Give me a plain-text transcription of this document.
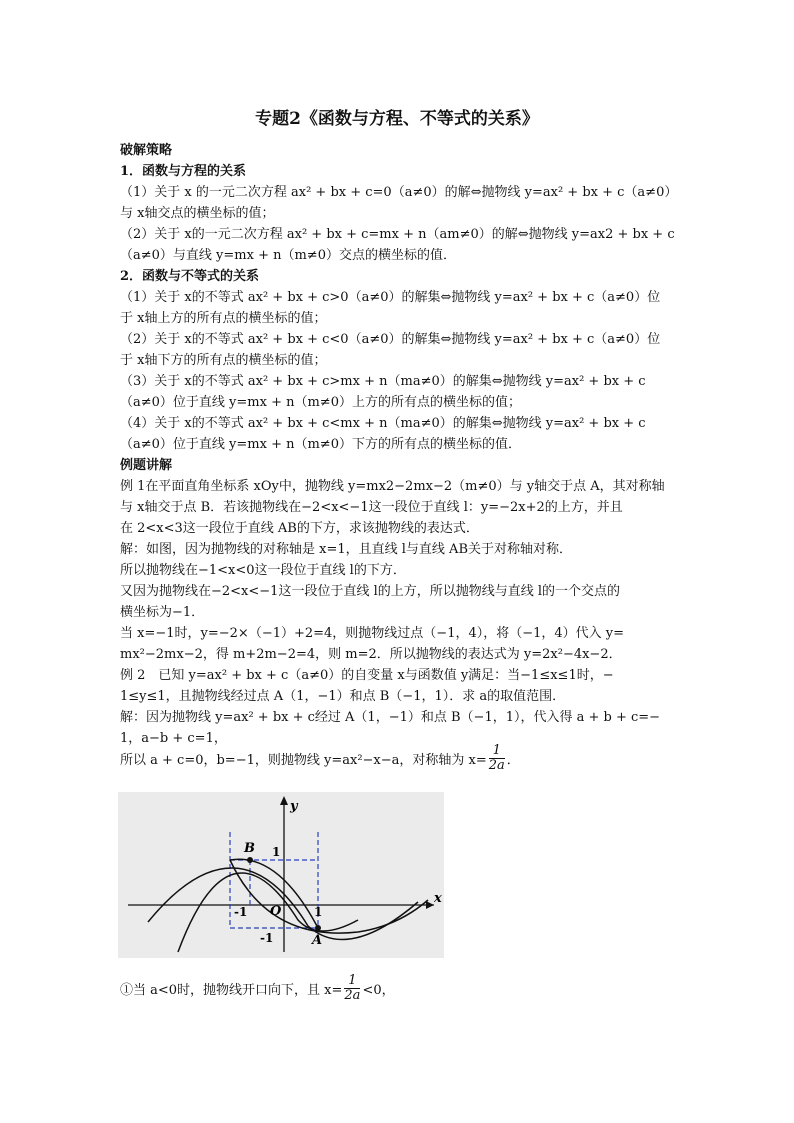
专题2《函数与方程、不等式的关系》
破解策略
1．函数与方程的关系
（1）关于 x 的一元二次方程 ax² + bx + c=0（a≠0）的解⇔抛物线 y=ax² + bx + c（a≠0）
与 x轴交点的横坐标的值；
（2）关于 x的一元二次方程 ax² + bx + c=mx + n（am≠0）的解⇔抛物线 y=ax2 + bx + c
（a≠0）与直线 y=mx + n（m≠0）交点的横坐标的值．
2．函数与不等式的关系
（1）关于 x的不等式 ax² + bx + c>0（a≠0）的解集⇔抛物线 y=ax² + bx + c（a≠0）位
于 x轴上方的所有点的横坐标的值；
（2）关于 x的不等式 ax² + bx + c<0（a≠0）的解集⇔抛物线 y=ax² + bx + c（a≠0）位
于 x轴下方的所有点的横坐标的值；
（3）关于 x的不等式 ax² + bx + c>mx + n（ma≠0）的解集⇔抛物线 y=ax² + bx + c
（a≠0）位于直线 y=mx + n（m≠0）上方的所有点的横坐标的值；
（4）关于 x的不等式 ax² + bx + c<mx + n（ma≠0）的解集⇔抛物线 y=ax² + bx + c
（a≠0）位于直线 y=mx + n（m≠0）下方的所有点的横坐标的值．
例题讲解
例 1在平面直角坐标系 xOy中，抛物线 y=mx2−2mx−2（m≠0）与 y轴交于点 A，其对称轴
与 x轴交于点 B．若该抛物线在−2<x<−1这一段位于直线 l：y=−2x+2的上方，并且
在 2<x<3这一段位于直线 AB的下方，求该抛物线的表达式．
解：如图，因为抛物线的对称轴是 x=1，且直线 l与直线 AB关于对称轴对称．
所以抛物线在−1<x<0这一段位于直线 l的下方．
又因为抛物线在−2<x<−1这一段位于直线 l的上方，所以抛物线与直线 l的一个交点的
横坐标为−1．
当 x=−1时，y=−2×（−1）+2=4，则抛物线过点（−1，4），将（−1，4）代入 y=
mx²−2mx−2，得 m+2m−2=4，则 m=2．所以抛物线的表达式为 y=2x²−4x−2．
例 2　已知 y=ax² + bx + c（a≠0）的自变量 x与函数值 y满足：当−1≤x≤1时，−
1≤y≤1，且抛物线经过点 A（1，−1）和点 B（−1，1）．求 a的取值范围．
解：因为抛物线 y=ax² + bx + c经过 A（1，−1）和点 B（−1，1），代入得 a + b + c=−
1，a−b + c=1，
所以 a + c=0，b=−1，则抛物线 y=ax²−x−a，对称轴为 $x= \frac{1}{2a}$ ．
y
x
B
A
O
1
-1	1
-1
①当 a<0时，抛物线开口向下，且 $x= \frac{1}{2a} <0$，
